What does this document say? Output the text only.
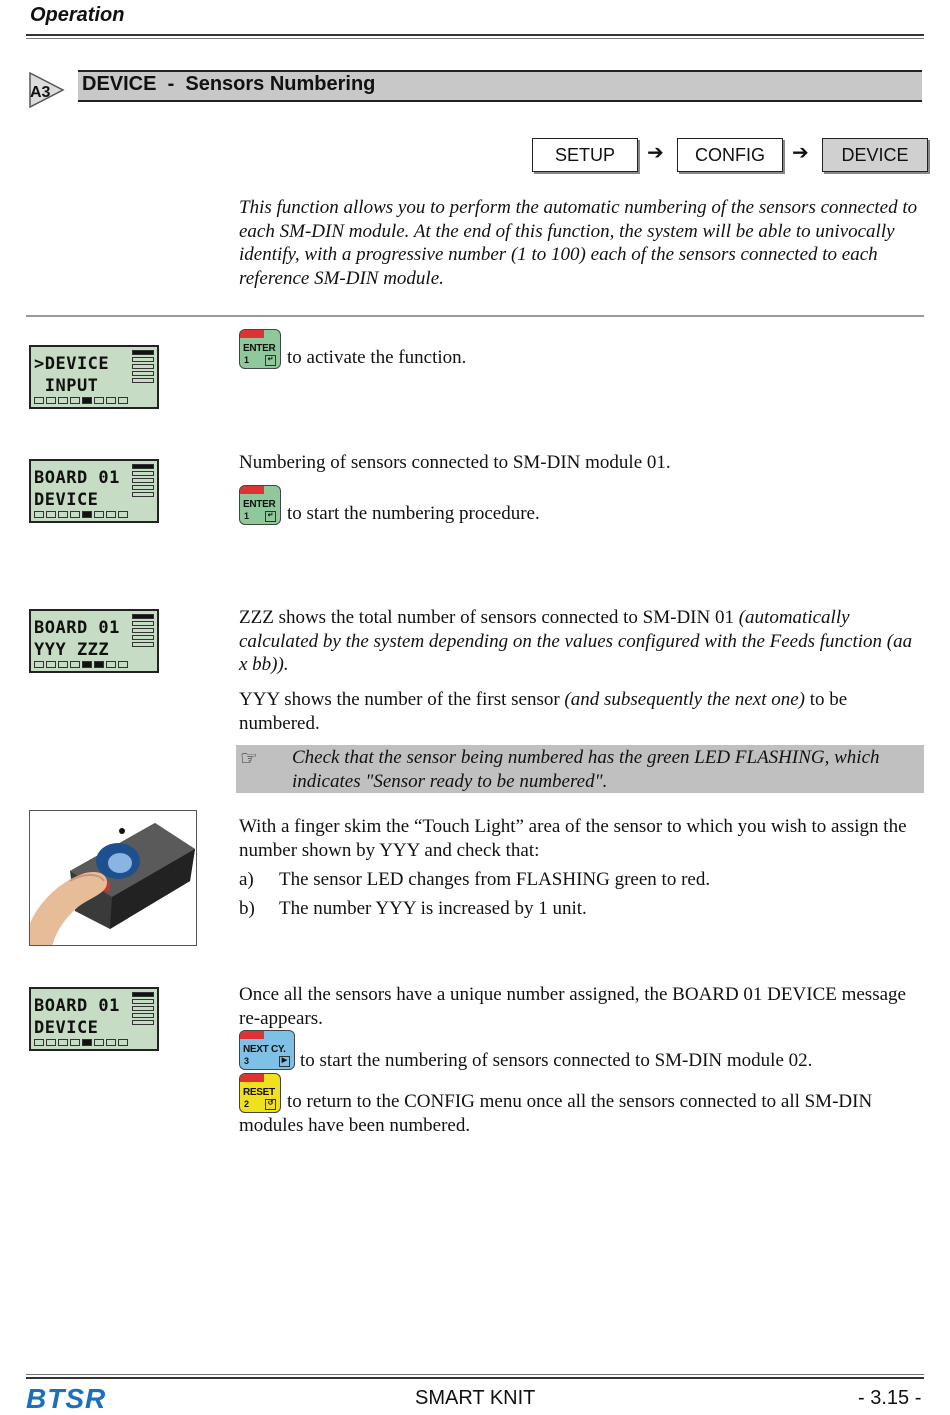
Operation
A3 DEVICE  -  Sensors Numbering
SETUP	➔	CONFIG	➔	DEVICE
This function allows you to perform the automatic numbering of the sensors connected to each SM-DIN module. At the end of this function, the system will be able to univocally identify, with a progressive number (1 to 100) each of the sensors connected to each reference SM-DIN module.
>DEVICE
INPUT
ENTER
1	↵ to activate the function.
BOARD 01
DEVICE
Numbering of sensors connected to SM-DIN module 01.
ENTER
1	↵ to start the numbering procedure.
BOARD 01
YYY ZZZ
ZZZ shows the total number of sensors connected to SM-DIN 01 (automatically calculated by the system depending on the values configured with the Feeds function (aa x bb)).
YYY shows the number of the first sensor (and subsequently the next one) to be numbered.
☞ Check that the sensor being numbered has the green LED FLASHING, which indicates "Sensor ready to be numbered".
With a finger skim the “Touch Light” area of the sensor to which you wish to assign the number shown by YYY and check that:
a) The sensor LED changes from FLASHING green to red.
b) The number YYY is increased by 1 unit.
BOARD 01
DEVICE
Once all the sensors have a unique number assigned, the BOARD 01 DEVICE message re-appears.
NEXT CY.
3	▶ to start the numbering of sensors connected to SM-DIN module 02.
RESET
2	↺ to return to the CONFIG menu once all the sensors connected to all SM-DIN modules have been numbered.
BTSR	SMART KNIT	- 3.15 -
